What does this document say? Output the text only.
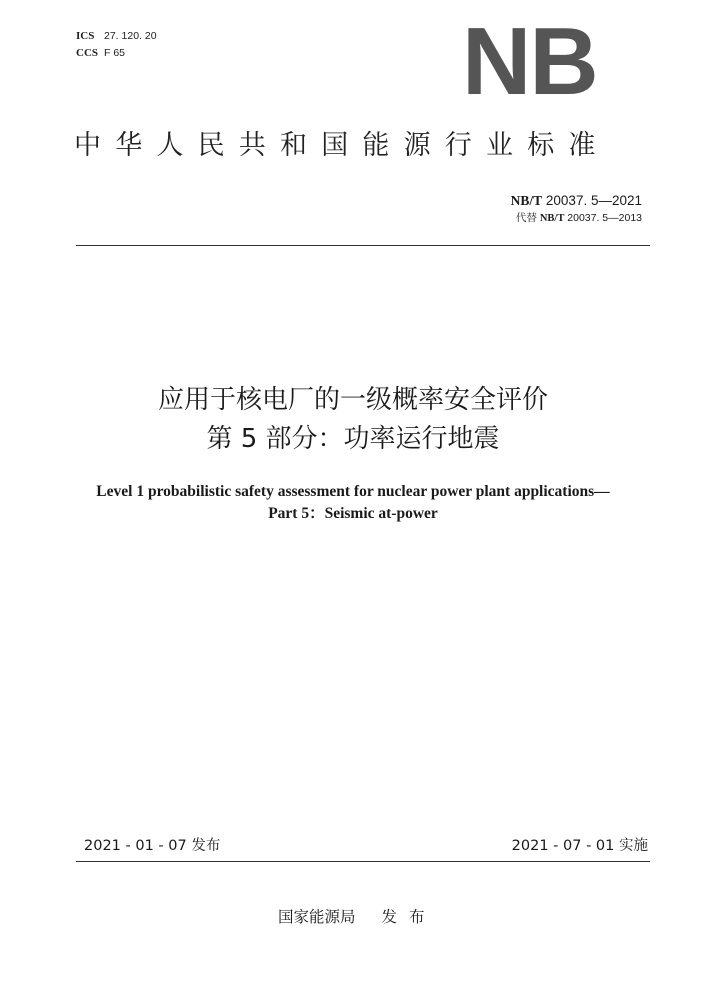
ICS 27. 120. 20
CCS F 65	NB
中华人民共和国能源行业标准
NB/T 20037. 5—2021
代替 NB/T 20037. 5—2013
应用于核电厂的一级概率安全评价
第 5 部分：功率运行地震
Level 1 probabilistic safety assessment for nuclear power plant applications—
Part 5：Seismic at-power
2021 - 01 - 07 发布	2021 - 07 - 01 实施
国家能源局 发布
